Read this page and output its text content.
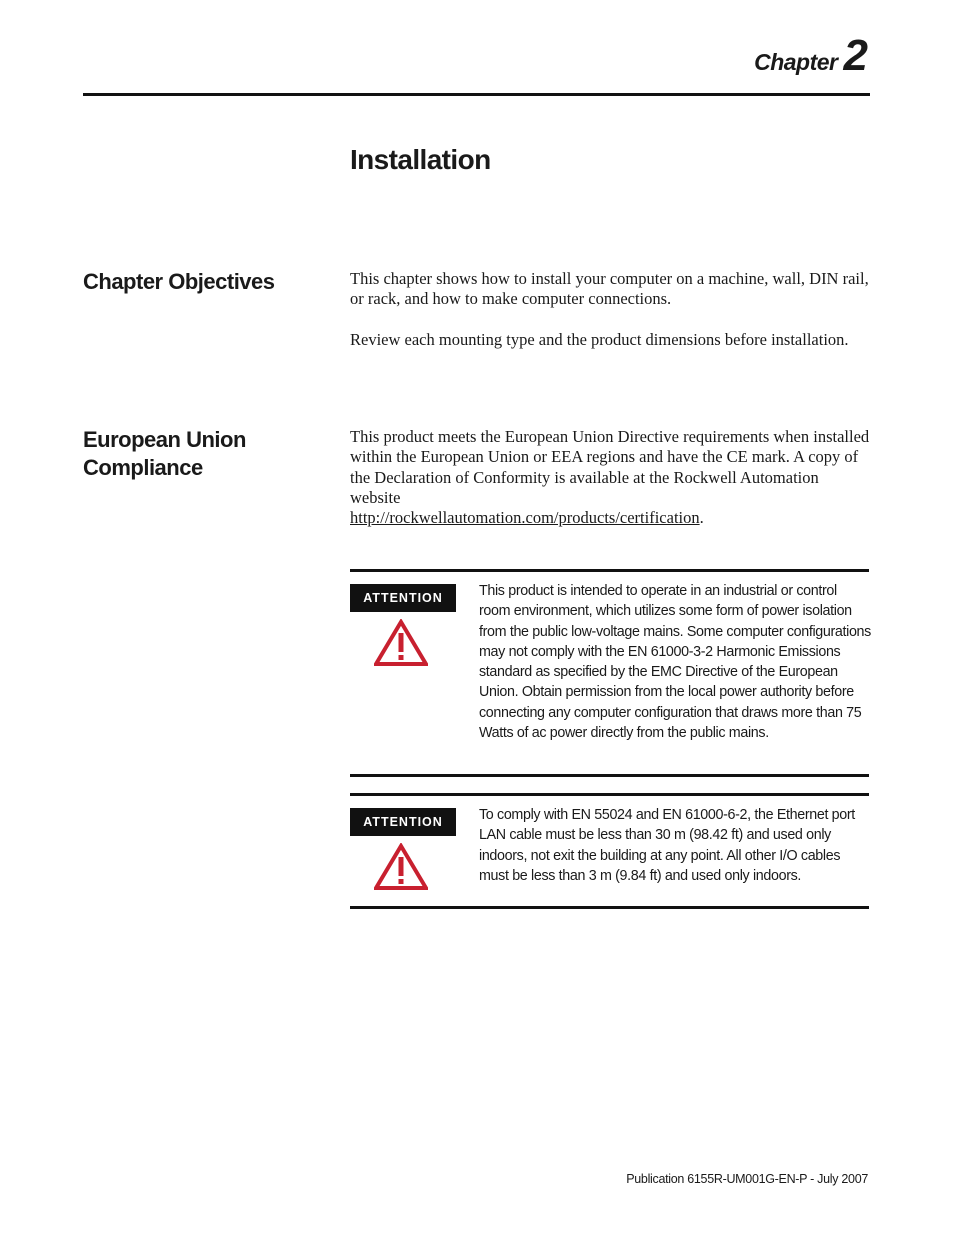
Chapter 2
Installation
Chapter Objectives	This chapter shows how to install your computer on a machine, wall, DIN rail, or rack, and how to make computer connections.

Review each mounting type and the product dimensions before installation.

European Union Compliance

This product meets the European Union Directive requirements when installed within the European Union or EEA regions and have the CE mark. A copy of the Declaration of Conformity is available at the Rockwell Automation website
http://rockwellautomation.com/products/certification.

ATTENTION	This product is intended to operate in an industrial or control room environment, which utilizes some form of power isolation from the public low-voltage mains. Some computer configurations may not comply with the EN 61000-3-2 Harmonic Emissions standard as specified by the EMC Directive of the European Union. Obtain permission from the local power authority before connecting any computer configuration that draws more than 75 Watts of ac power directly from the public mains.
ATTENTION	To comply with EN 55024 and EN 61000-6-2, the Ethernet port LAN cable must be less than 30 m (98.42 ft) and used only indoors, not exit the building at any point. All other I/O cables must be less than 3 m (9.84 ft) and used only indoors.
Publication 6155R-UM001G-EN-P - July 2007
